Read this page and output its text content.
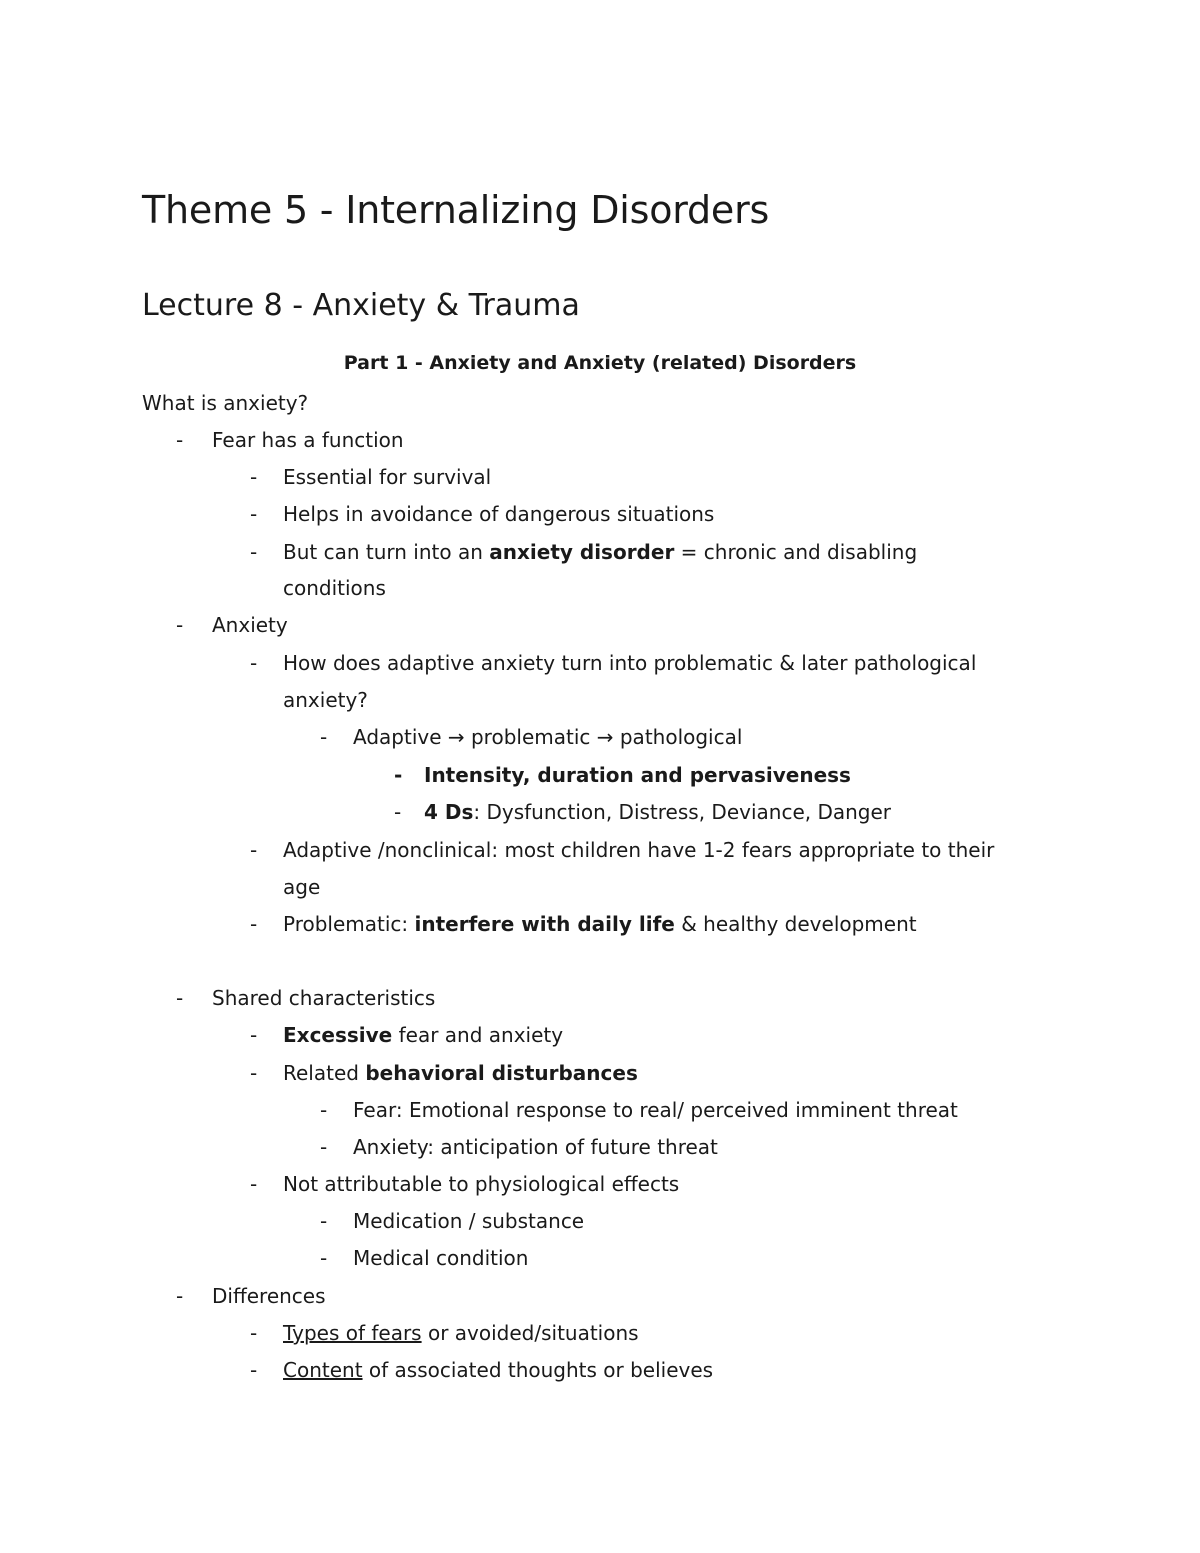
Theme 5 - Internalizing Disorders
Lecture 8 - Anxiety & Trauma
Part 1 - Anxiety and Anxiety (related) Disorders
What is anxiety?
- Fear has a function
- Essential for survival
- Helps in avoidance of dangerous situations
- But can turn into an anxiety disorder = chronic and disabling
conditions
- Anxiety
- How does adaptive anxiety turn into problematic & later pathological
anxiety?
- Adaptive → problematic → pathological
- Intensity, duration and pervasiveness
- 4 Ds: Dysfunction, Distress, Deviance, Danger
- Adaptive /nonclinical: most children have 1-2 fears appropriate to their
age
- Problematic: interfere with daily life & healthy development
- Shared characteristics
- Excessive fear and anxiety
- Related behavioral disturbances
- Fear: Emotional response to real/ perceived imminent threat
- Anxiety: anticipation of future threat
- Not attributable to physiological effects
- Medication / substance
- Medical condition
- Differences
- Types of fears or avoided/situations
- Content of associated thoughts or believes
